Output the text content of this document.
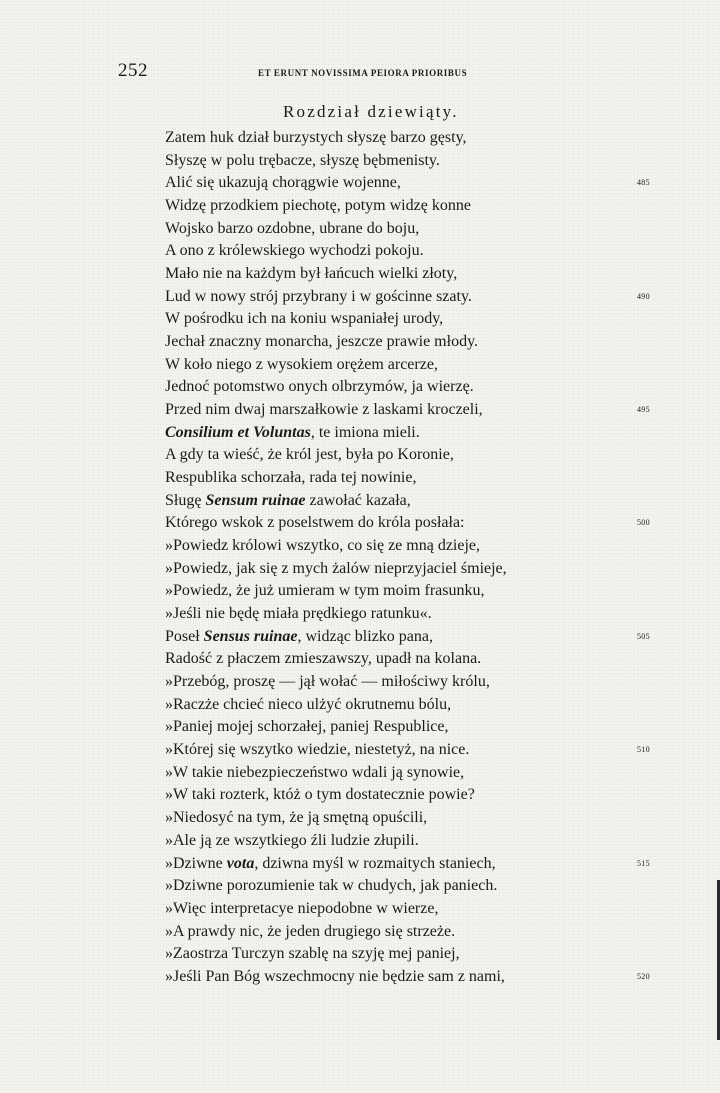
252	ET ERUNT NOVISSIMA PEIORA PRIORIBUS
Rozdział dziewiąty.
Zatem huk dział burzystych słyszę barzo gęsty,
Słyszę w polu trębacze, słyszę bębmenisty.
Alić się ukazują chorągwie wojenne,	485
Widzę przodkiem piechotę, potym widzę konne
Wojsko barzo ozdobne, ubrane do boju,
A ono z królewskiego wychodzi pokoju.
Mało nie na każdym był łańcuch wielki złoty,
Lud w nowy strój przybrany i w gościnne szaty.	490
W pośrodku ich na koniu wspaniałej urody,
Jechał znaczny monarcha, jeszcze prawie młody.
W koło niego z wysokiem orężem arcerze,
Jednoć potomstwo onych olbrzymów, ja wierzę.
Przed nim dwaj marszałkowie z laskami kroczeli,	495
Consilium et Voluntas, te imiona mieli.
A gdy ta wieść, że król jest, była po Koronie,
Respublika schorzała, rada tej nowinie,
Sługę Sensum ruinae zawołać kazała,
Którego wskok z poselstwem do króla posłała:	500
»Powiedz królowi wszytko, co się ze mną dzieje,
»Powiedz, jak się z mych żalów nieprzyjaciel śmieje,
»Powiedz, że już umieram w tym moim frasunku,
»Jeśli nie będę miała prędkiego ratunku«.
Poseł Sensus ruinae, widząc blizko pana,	505
Radość z płaczem zmieszawszy, upadł na kolana.
»Przebóg, proszę — jął wołać — miłościwy królu,
»Raczże chcieć nieco ulżyć okrutnemu bólu,
»Paniej mojej schorzałej, paniej Respublice,
»Której się wszytko wiedzie, niestetyż, na nice.	510
»W takie niebezpieczeństwo wdali ją synowie,
»W taki rozterk, któż o tym dostatecznie powie?
»Niedosyć na tym, że ją smętną opuścili,
»Ale ją ze wszytkiego źli ludzie złupili.
»Dziwne vota, dziwna myśl w rozmaitych staniech,	515
»Dziwne porozumienie tak w chudych, jak paniech.
»Więc interpretacye niepodobne w wierze,
»A prawdy nic, że jeden drugiego się strzeże.
»Zaostrza Turczyn szablę na szyję mej paniej,
»Jeśli Pan Bóg wszechmocny nie będzie sam z nami,	520
